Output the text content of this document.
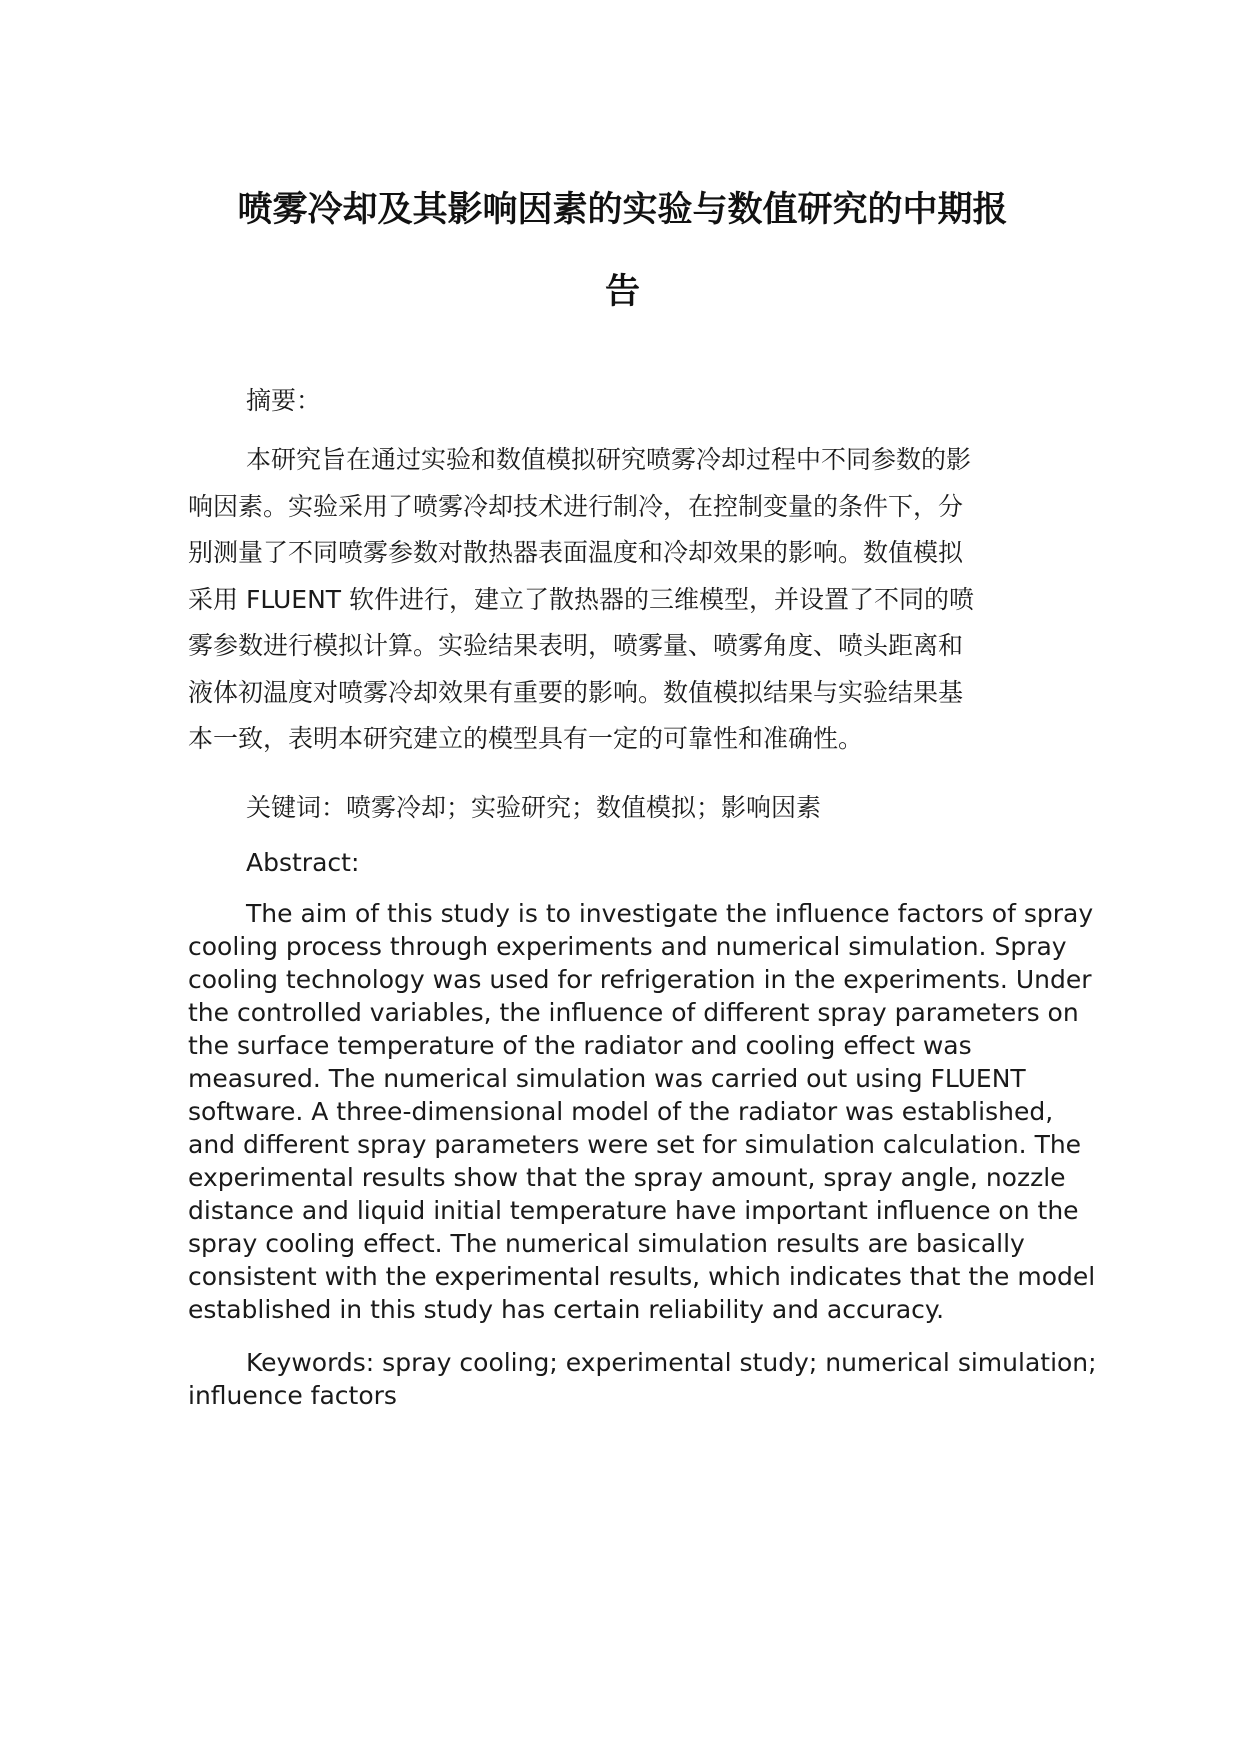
喷雾冷却及其影响因素的实验与数值研究的中期报
告
摘要：
本研究旨在通过实验和数值模拟研究喷雾冷却过程中不同参数的影
响因素。实验采用了喷雾冷却技术进行制冷，在控制变量的条件下，分
别测量了不同喷雾参数对散热器表面温度和冷却效果的影响。数值模拟
采用 FLUENT 软件进行，建立了散热器的三维模型，并设置了不同的喷
雾参数进行模拟计算。实验结果表明，喷雾量、喷雾角度、喷头距离和
液体初温度对喷雾冷却效果有重要的影响。数值模拟结果与实验结果基
本一致，表明本研究建立的模型具有一定的可靠性和准确性。
关键词：喷雾冷却；实验研究；数值模拟；影响因素
Abstract:
The aim of this study is to investigate the influence factors of spray
cooling process through experiments and numerical simulation. Spray
cooling technology was used for refrigeration in the experiments. Under
the controlled variables, the influence of different spray parameters on
the surface temperature of the radiator and cooling effect was
measured. The numerical simulation was carried out using FLUENT
software. A three-dimensional model of the radiator was established,
and different spray parameters were set for simulation calculation. The
experimental results show that the spray amount, spray angle, nozzle
distance and liquid initial temperature have important influence on the
spray cooling effect. The numerical simulation results are basically
consistent with the experimental results, which indicates that the model
established in this study has certain reliability and accuracy.
Keywords: spray cooling; experimental study; numerical simulation;
influence factors
